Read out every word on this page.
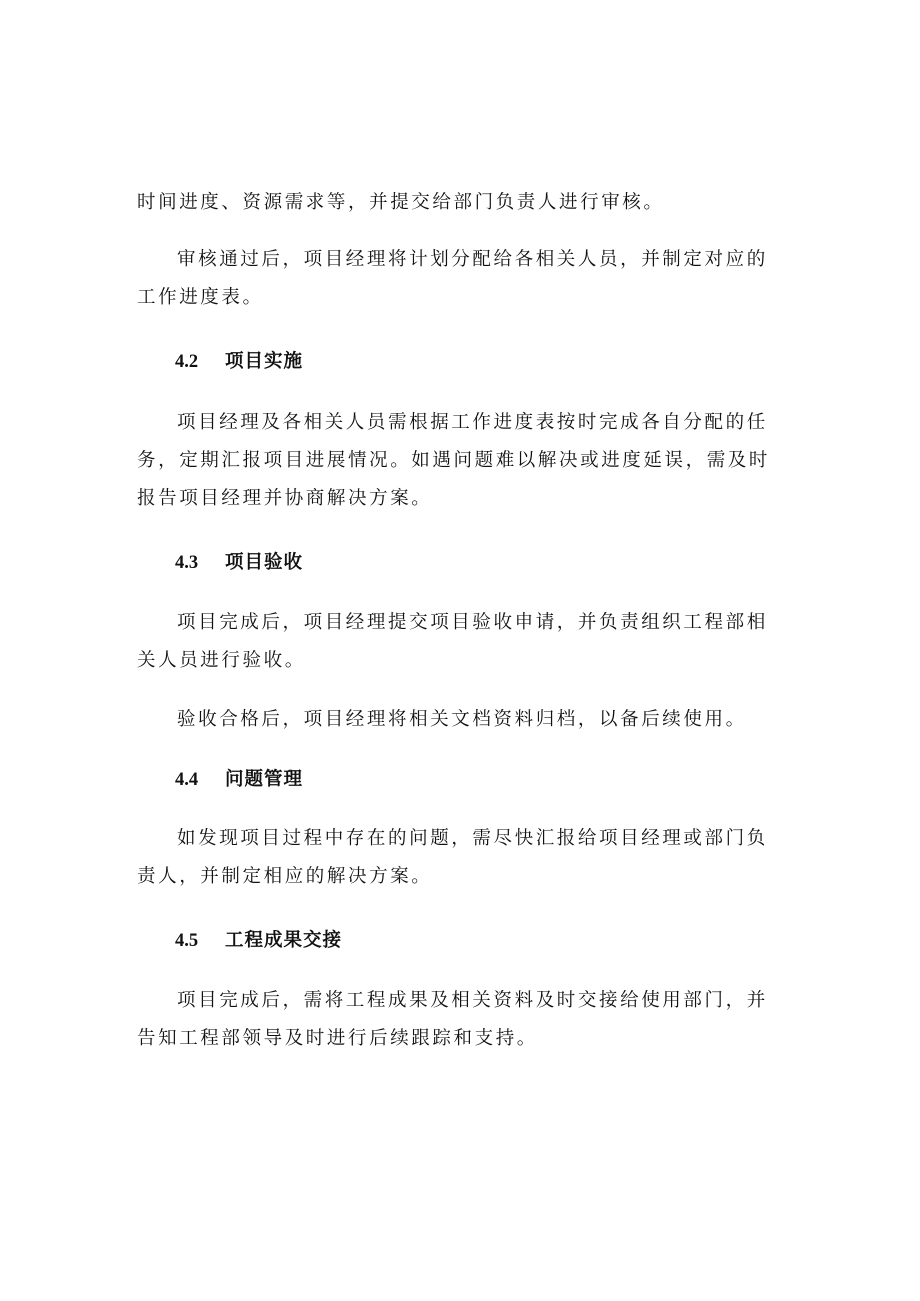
时间进度、资源需求等，并提交给部门负责人进行审核。

审核通过后，项目经理将计划分配给各相关人员，并制定对应的工作进度表。

4.2 项目实施

项目经理及各相关人员需根据工作进度表按时完成各自分配的任务，定期汇报项目进展情况。如遇问题难以解决或进度延误，需及时报告项目经理并协商解决方案。

4.3 项目验收

项目完成后，项目经理提交项目验收申请，并负责组织工程部相关人员进行验收。

验收合格后，项目经理将相关文档资料归档，以备后续使用。

4.4 问题管理

如发现项目过程中存在的问题，需尽快汇报给项目经理或部门负责人，并制定相应的解决方案。

4.5 工程成果交接

项目完成后，需将工程成果及相关资料及时交接给使用部门，并告知工程部领导及时进行后续跟踪和支持。
